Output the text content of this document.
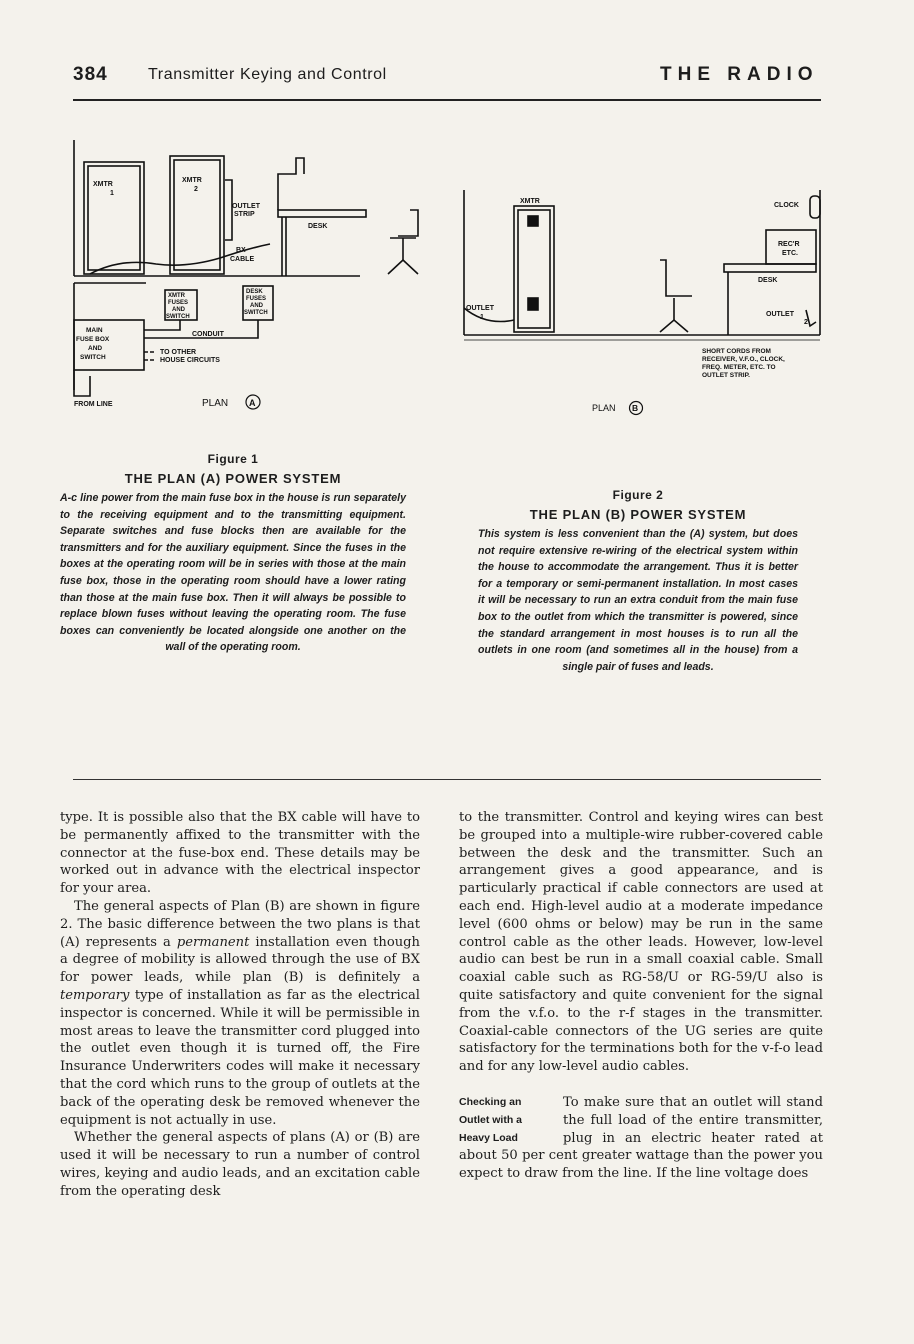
384	Transmitter Keying and Control	THE RADIO
XMTR
1
XMTR
2
OUTLET
STRIP
DESK
BX
CABLE
XMTR
FUSES
AND
SWITCH
DESK
FUSES
AND
SWITCH
MAIN
FUSE BOX
AND
SWITCH
CONDUIT
TO OTHER
HOUSE CIRCUITS
FROM LINE	PLAN A
XMTR
CLOCK
REC'R
ETC.
DESK
OUTLET
1	OUTLET
2
SHORT CORDS FROM
RECEIVER, V.F.O., CLOCK,
FREQ. METER, ETC. TO
OUTLET STRIP.
PLAN B
Figure 1
THE PLAN (A) POWER SYSTEM
A-c line power from the main fuse box in the house is run separately to the receiving equipment and to the transmitting equipment. Separate switches and fuse blocks then are available for the transmitters and for the auxiliary equipment. Since the fuses in the boxes at the operating room will be in series with those at the main fuse box, those in the operating room should have a lower rating than those at the main fuse box. Then it will always be possible to replace blown fuses without leaving the operating room. The fuse boxes can conveniently be located alongside one another on the wall of the operating room.
Figure 2
THE PLAN (B) POWER SYSTEM
This system is less convenient than the (A) system, but does not require extensive re-wiring of the electrical system within the house to accommodate the arrangement. Thus it is better for a temporary or semi-permanent installation. In most cases it will be necessary to run an extra conduit from the main fuse box to the outlet from which the transmitter is powered, since the standard arrangement in most houses is to run all the outlets in one room (and sometimes all in the house) from a single pair of fuses and leads.

type. It is possible also that the BX cable will have to be permanently affixed to the transmitter with the connector at the fuse-box end. These details may be worked out in advance with the electrical inspector for your area.

The general aspects of Plan (B) are shown in figure 2. The basic difference between the two plans is that (A) represents a permanent installation even though a degree of mobility is allowed through the use of BX for power leads, while plan (B) is definitely a temporary type of installation as far as the electrical inspector is concerned. While it will be permissible in most areas to leave the transmitter cord plugged into the outlet even though it is turned off, the Fire Insurance Underwriters codes will make it necessary that the cord which runs to the group of outlets at the back of the operating desk be removed whenever the equipment is not actually in use.

Whether the general aspects of plans (A) or (B) are used it will be necessary to run a number of control wires, keying and audio leads, and an excitation cable from the operating desk

to the transmitter. Control and keying wires can best be grouped into a multiple-wire rubber-covered cable between the desk and the transmitter. Such an arrangement gives a good appearance, and is particularly practical if cable connectors are used at each end. High-level audio at a moderate impedance level (600 ohms or below) may be run in the same control cable as the other leads. However, low-level audio can best be run in a small coaxial cable. Small coaxial cable such as RG-58/U or RG-59/U also is quite satisfactory and quite convenient for the signal from the v.f.o. to the r-f stages in the transmitter. Coaxial-cable connectors of the UG series are quite satisfactory for the terminations both for the v-f-o lead and for any low-level audio cables.

Checking an
Outlet with a
Heavy Load

To make sure that an outlet will stand the full load of the entire transmitter, plug in an electric heater rated at about 50 per cent greater wattage than the power you expect to draw from the line. If the line voltage does
